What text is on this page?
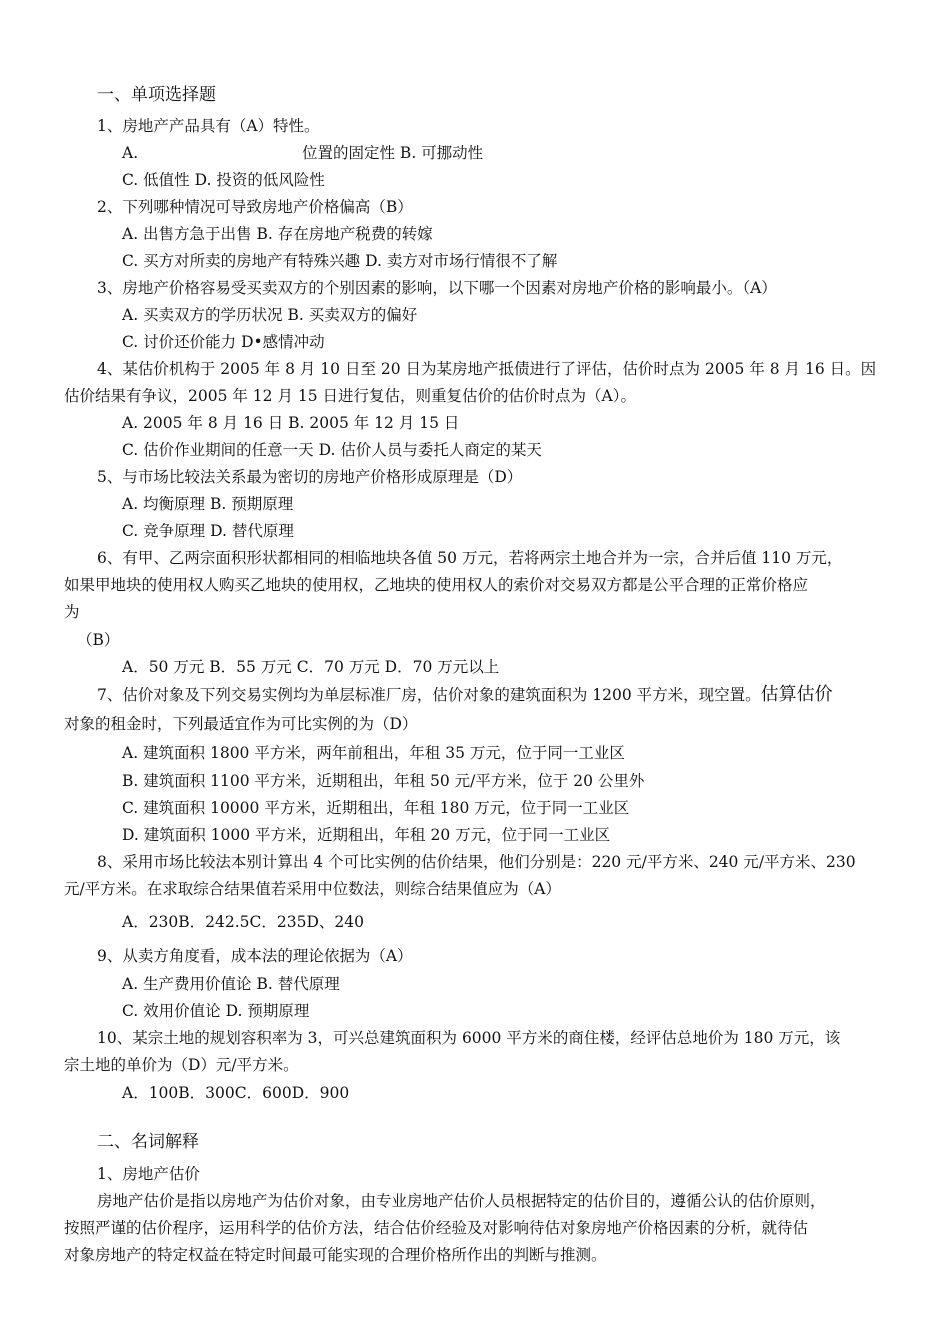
一、单项选择题
1、房地产产品具有（A）特性。
A.	位置的固定性 B. 可挪动性
C. 低值性 D. 投资的低风险性
2、下列哪种情况可导致房地产价格偏高（B）
A. 出售方急于出售 B. 存在房地产税费的转嫁
C. 买方对所卖的房地产有特殊兴趣 D. 卖方对市场行情很不了解
3、房地产价格容易受买卖双方的个别因素的影响，以下哪一个因素对房地产价格的影响最小。（A）
A. 买卖双方的学历状况 B. 买卖双方的偏好
C. 讨价还价能力 D•感情冲动
4、某估价机构于 2005 年 8 月 10 日至 20 日为某房地产抵债进行了评估，估价时点为 2005 年 8 月 16 日。因
估价结果有争议，2005 年 12 月 15 日进行复估，则重复估价的估价时点为（A）。
A. 2005 年 8 月 16 日 B. 2005 年 12 月 15 日
C. 估价作业期间的任意一天 D. 估价人员与委托人商定的某天
5、与市场比较法关系最为密切的房地产价格形成原理是（D）
A. 均衡原理 B. 预期原理
C. 竞争原理 D. 替代原理
6、有甲、乙两宗面积形状都相同的相临地块各值 50 万元，若将两宗土地合并为一宗，合并后值 110 万元，
如果甲地块的使用权人购买乙地块的使用权，乙地块的使用权人的索价对交易双方都是公平合理的正常价格应
为
（B）
A．50 万元 B．55 万元 C．70 万元 D．70 万元以上
7、估价对象及下列交易实例均为单层标准厂房，估价对象的建筑面积为 1200 平方米，现空置。估算估价
对象的租金时，下列最适宜作为可比实例的为（D）
A. 建筑面积 1800 平方米，两年前租出，年租 35 万元，位于同一工业区
B. 建筑面积 1100 平方米，近期租出，年租 50 元/平方米，位于 20 公里外
C. 建筑面积 10000 平方米，近期租出，年租 180 万元，位于同一工业区
D. 建筑面积 1000 平方米，近期租出，年租 20 万元，位于同一工业区
8、采用市场比较法本别计算出 4 个可比实例的估价结果，他们分别是：220 元/平方米、240 元/平方米、230
元/平方米。在求取综合结果值若采用中位数法，则综合结果值应为（A）
A．230B．242.5C．235D、240
9、从卖方角度看，成本法的理论依据为（A）
A. 生产费用价值论 B. 替代原理
C. 效用价值论 D. 预期原理
10、某宗土地的规划容积率为 3，可兴总建筑面积为 6000 平方米的商住楼，经评估总地价为 180 万元，该
宗土地的单价为（D）元/平方米。
A．100B．300C．600D．900
二、名词解释
1、房地产估价
房地产估价是指以房地产为估价对象，由专业房地产估价人员根据特定的估价目的，遵循公认的估价原则，
按照严谨的估价程序，运用科学的估价方法，结合估价经验及对影响待估对象房地产价格因素的分析，就待估
对象房地产的特定权益在特定时间最可能实现的合理价格所作出的判断与推测。
